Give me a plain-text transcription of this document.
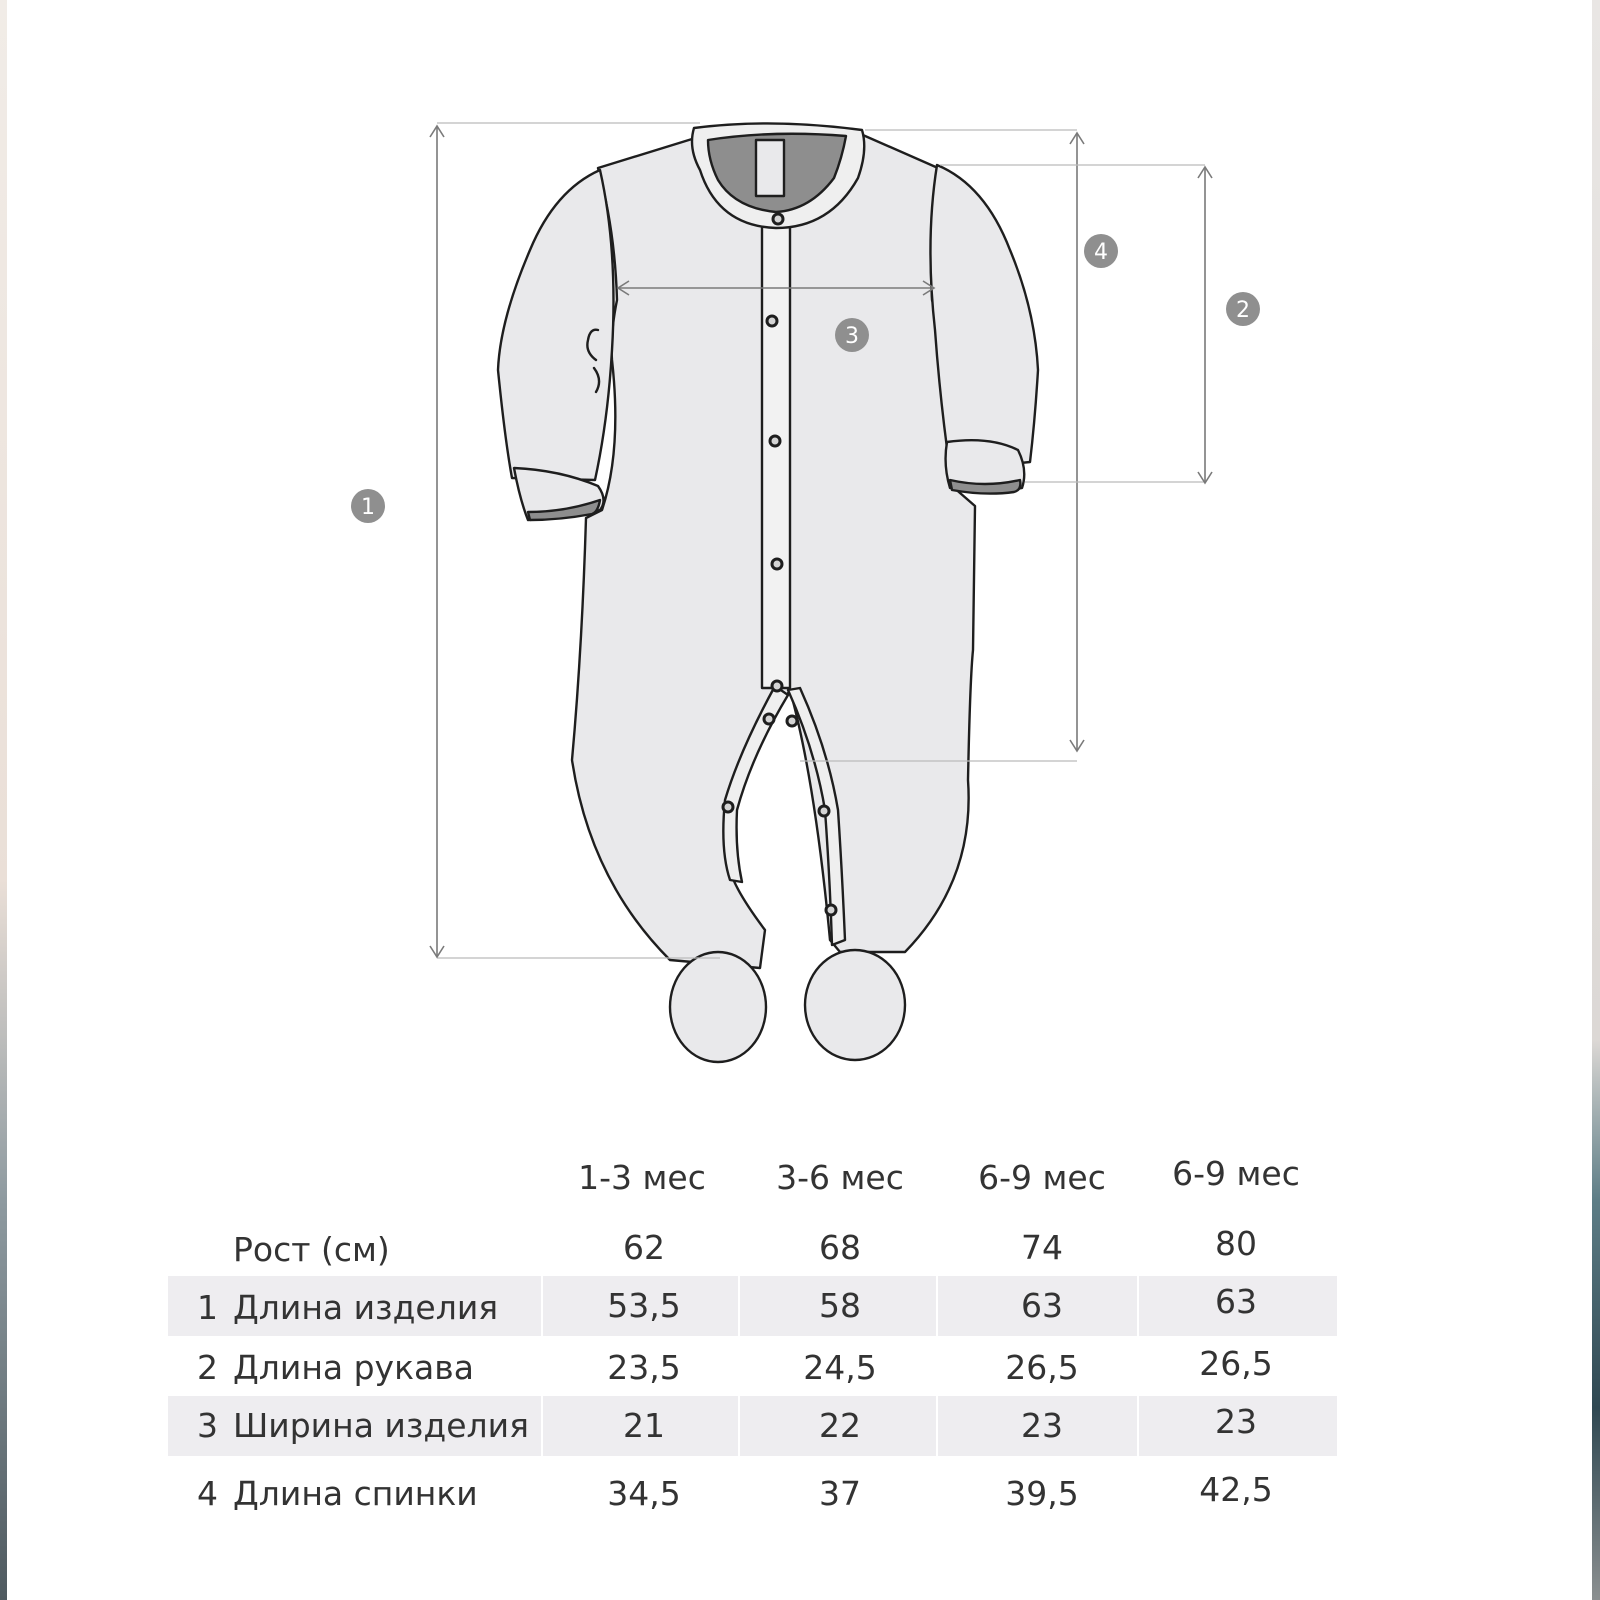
1
2
3
4
1-3 мес 3-6 мес 6-9 мес 6-9 мес
Рост (см)	62	68	74	80
1 Длина изделия	53,5	58	63	63
2 Длина рукава	23,5	24,5	26,5	26,5
3 Ширина изделия	21	22	23	23
4 Длина спинки	34,5	37	39,5	42,5
